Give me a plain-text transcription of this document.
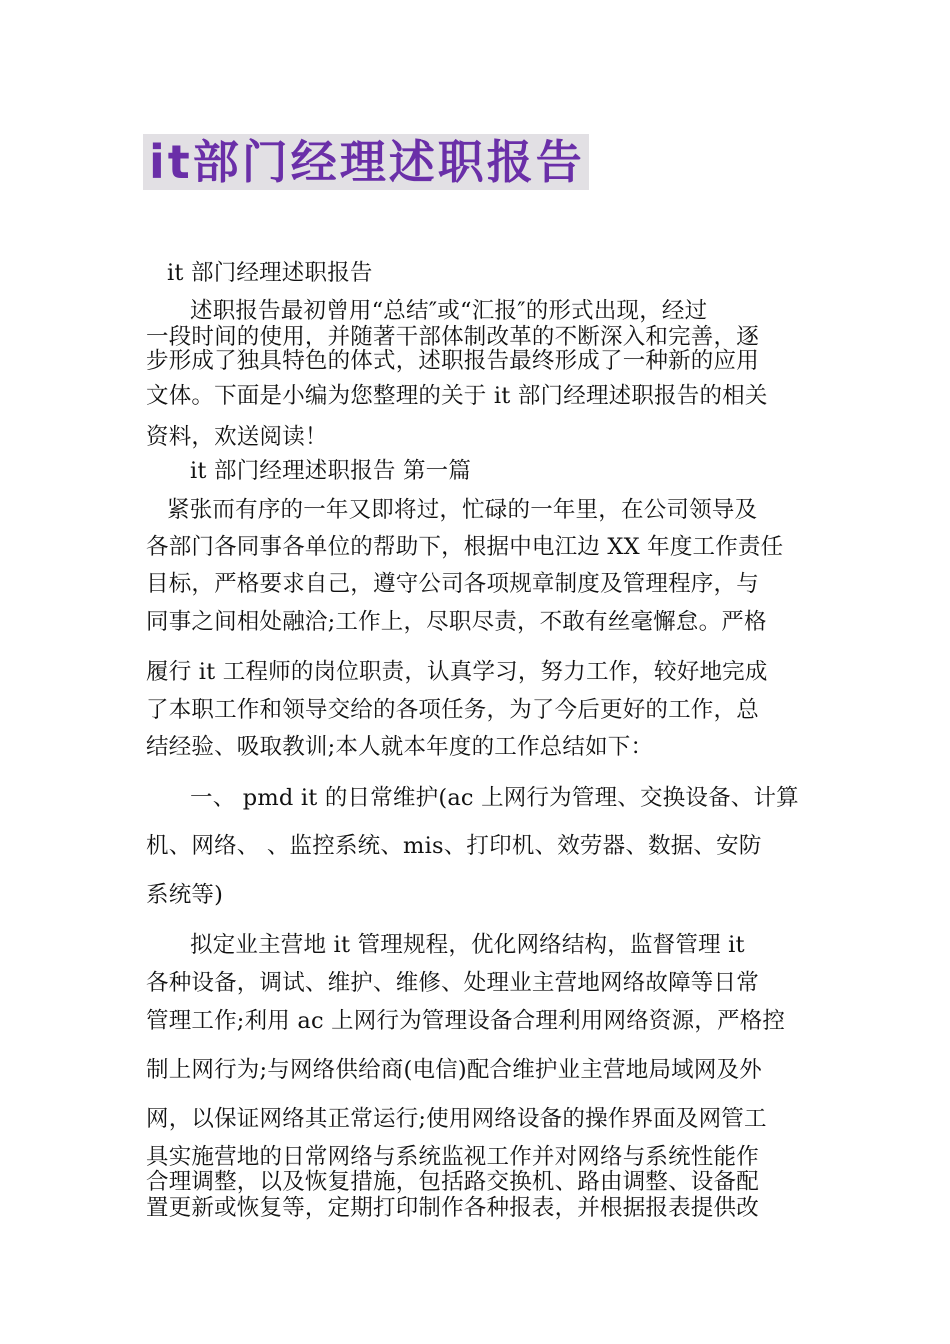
it部门经理述职报告
it 部门经理述职报告
述职报告最初曾用“总结″或“汇报″的形式出现，经过
一段时间的使用，并随著干部体制改革的不断深入和完善，逐
步形成了独具特色的体式，述职报告最终形成了一种新的应用
文体。下面是小编为您整理的关于 it 部门经理述职报告的相关
资料，欢送阅读！
it 部门经理述职报告 第一篇
紧张而有序的一年又即将过，忙碌的一年里，在公司领导及
各部门各同事各单位的帮助下，根据中电江边 XX 年度工作责任
目标，严格要求自己，遵守公司各项规章制度及管理程序，与
同事之间相处融洽;工作上，尽职尽责，不敢有丝毫懈怠。严格
履行 it 工程师的岗位职责，认真学习，努力工作，较好地完成
了本职工作和领导交给的各项任务，为了今后更好的工作，总
结经验、吸取教训;本人就本年度的工作总结如下：
一、 pmd it 的日常维护(ac 上网行为管理、交换设备、计算
机、网络、 、监控系统、mis、打印机、效劳器、数据、安防
系统等)
拟定业主营地 it 管理规程，优化网络结构，监督管理 it
各种设备，调试、维护、维修、处理业主营地网络故障等日常
管理工作;利用 ac 上网行为管理设备合理利用网络资源，严格控
制上网行为;与网络供给商(电信)配合维护业主营地局域网及外
网，以保证网络其正常运行;使用网络设备的操作界面及网管工
具实施营地的日常网络与系统监视工作并对网络与系统性能作
合理调整，以及恢复措施，包括路交换机、路由调整、设备配
置更新或恢复等，定期打印制作各种报表，并根据报表提供改
